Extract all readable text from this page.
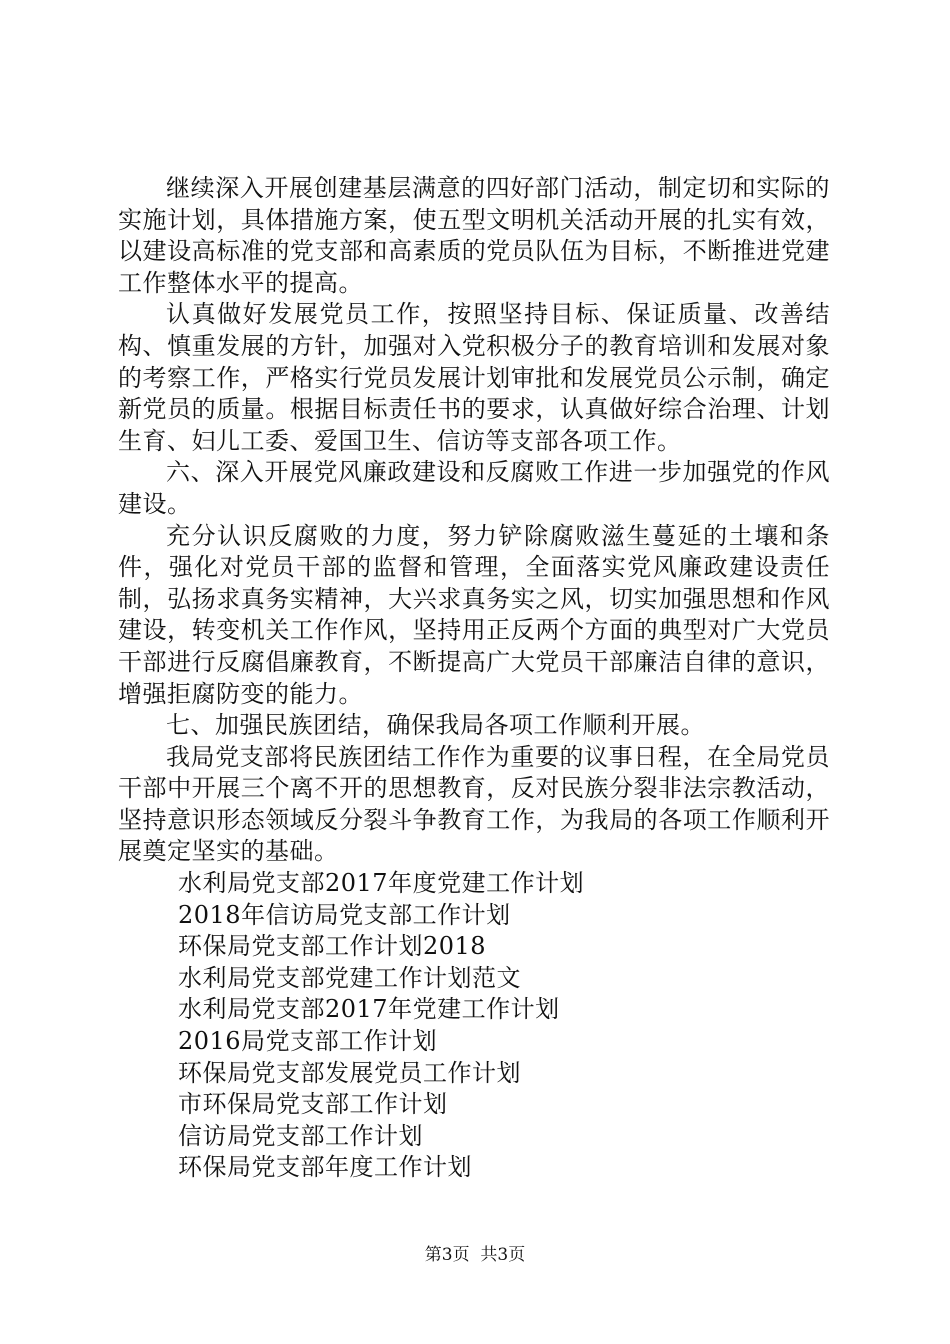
继续深入开展创建基层满意的四好部门活动，制定切和实际的实施计划，具体措施方案，使五型文明机关活动开展的扎实有效，以建设高标准的党支部和高素质的党员队伍为目标，不断推进党建工作整体水平的提高。

认真做好发展党员工作，按照坚持目标、保证质量、改善结构、慎重发展的方针，加强对入党积极分子的教育培训和发展对象的考察工作，严格实行党员发展计划审批和发展党员公示制，确定新党员的质量。根据目标责任书的要求，认真做好综合治理、计划生育、妇儿工委、爱国卫生、信访等支部各项工作。

六、深入开展党风廉政建设和反腐败工作进一步加强党的作风建设。

充分认识反腐败的力度，努力铲除腐败滋生蔓延的土壤和条件，强化对党员干部的监督和管理，全面落实党风廉政建设责任制，弘扬求真务实精神，大兴求真务实之风，切实加强思想和作风建设，转变机关工作作风，坚持用正反两个方面的典型对广大党员干部进行反腐倡廉教育，不断提高广大党员干部廉洁自律的意识，增强拒腐防变的能力。

七、加强民族团结，确保我局各项工作顺利开展。

我局党支部将民族团结工作作为重要的议事日程，在全局党员干部中开展三个离不开的思想教育，反对民族分裂非法宗教活动，坚持意识形态领域反分裂斗争教育工作，为我局的各项工作顺利开展奠定坚实的基础。

水利局党支部2017年度党建工作计划

2018年信访局党支部工作计划

环保局党支部工作计划2018

水利局党支部党建工作计划范文

水利局党支部2017年党建工作计划

2016局党支部工作计划

环保局党支部发展党员工作计划

市环保局党支部工作计划

信访局党支部工作计划

环保局党支部年度工作计划

第3页  共3页
